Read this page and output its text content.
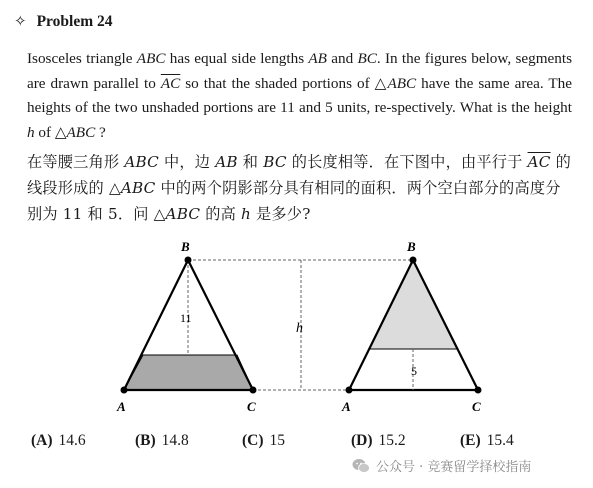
✧ Problem 24
Isosceles triangle ABC has equal side lengths AB and BC. In the figures below, segments are drawn parallel to $\overline{AC}$ so that the shaded portions of △ABC have the same area. The heights of the two unshaded portions are 11 and 5 units, re-spectively. What is the height h of △ABC ?
在等腰三角形 ABC 中，边 AB 和 BC 的长度相等．在下图中，由平行于 $\overline{AC}$ 的线段形成的 △ABC 中的两个阴影部分具有相同的面积．两个空白部分的高度分别为 11 和 5．问 △ABC 的高 h 是多少?
B
A	C
11
h
B
A	C
5
(A) 14.6	(B) 14.8	(C) 15	(D) 15.2	(E) 15.4
公众号 · 竞赛留学择校指南
